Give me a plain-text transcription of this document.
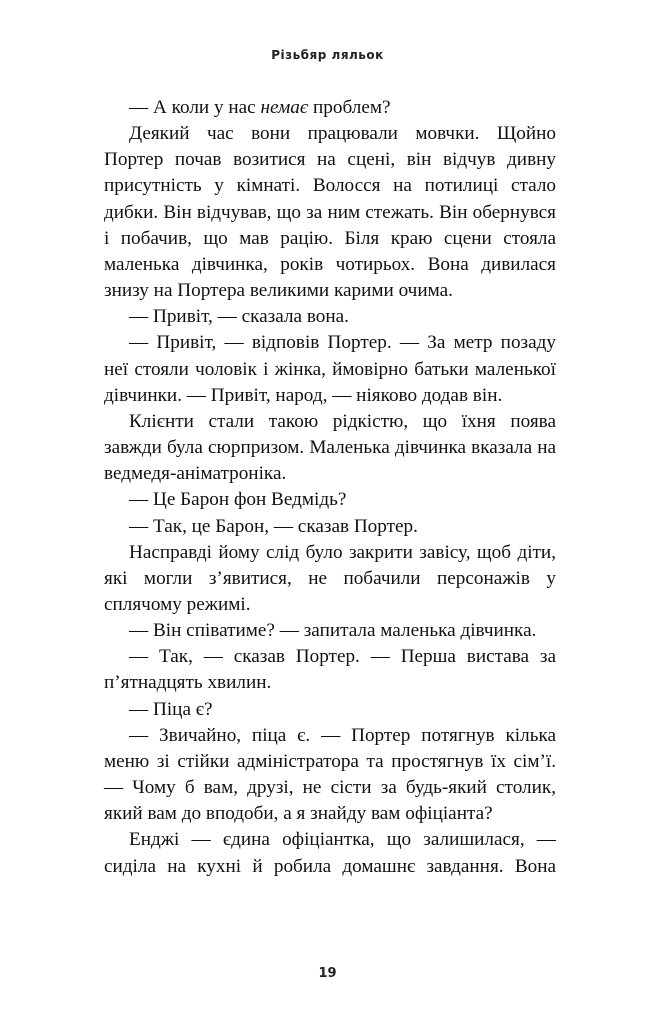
Різьбяр ляльок

— А коли у нас немає проблем?

Деякий час вони працювали мовчки. Щойно Портер почав возитися на сцені, він відчув дивну присутність у кімнаті. Волосся на потилиці стало дибки. Він відчував, що за ним стежать. Він обернувся і побачив, що мав рацію. Біля краю сцени стояла маленька дівчинка, років чотирьох. Вона дивилася знизу на Портера великими карими очима.

— Привіт, — сказала вона.

— Привіт, — відповів Портер. — За метр позаду неї стояли чоловік і жінка, ймовірно батьки маленької дівчинки. — Привіт, народ, — ніяково додав він.

Клієнти стали такою рідкістю, що їхня поява завжди була сюрпризом. Маленька дівчинка вказала на ведмедя-аніматроніка.

— Це Барон фон Ведмідь?

— Так, це Барон, — сказав Портер.

Насправді йому слід було закрити завісу, щоб діти, які могли з’явитися, не побачили персонажів у сплячому режимі.

— Він співатиме? — запитала маленька дівчинка.

— Так, — сказав Портер. — Перша вистава за п’ятнадцять хвилин.

— Піца є?

— Звичайно, піца є. — Портер потягнув кілька меню зі стійки адміністратора та простягнув їх сім’ї. — Чому б вам, друзі, не сісти за будь-який столик, який вам до вподоби, а я знайду вам офіціанта?

Енджі — єдина офіціантка, що залишилася, — сиділа на кухні й робила домашнє завдання. Вона

19
